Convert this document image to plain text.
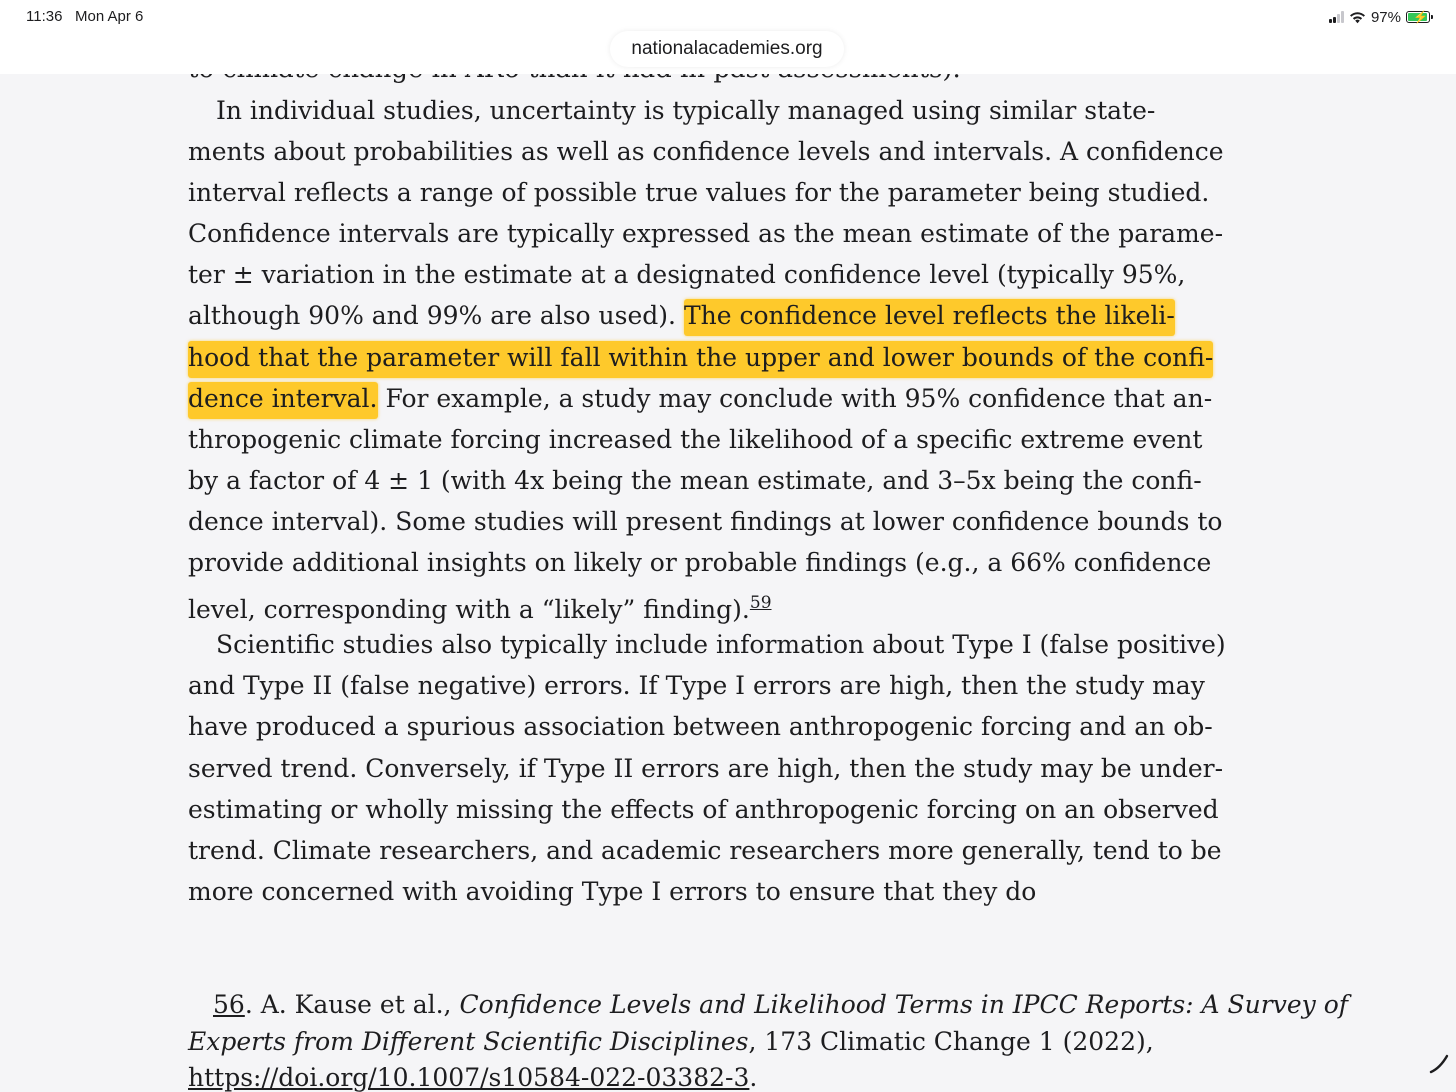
11:36 Mon Apr 6	97% ⚡
nationalacademies.org
In individual studies, uncertainty is typically managed using similar state-
ments about probabilities as well as confidence levels and intervals. A confidence
interval reflects a range of possible true values for the parameter being studied.
Confidence intervals are typically expressed as the mean estimate of the parame-
ter ± variation in the estimate at a designated confidence level (typically 95%,
although 90% and 99% are also used). The confidence level reflects the likeli-
hood that the parameter will fall within the upper and lower bounds of the confi-
dence interval. For example, a study may conclude with 95% confidence that an-
thropogenic climate forcing increased the likelihood of a specific extreme event
by a factor of 4 ± 1 (with 4x being the mean estimate, and 3–5x being the confi-
dence interval). Some studies will present findings at lower confidence bounds to
provide additional insights on likely or probable findings (e.g., a 66% confidence
level, corresponding with a “likely” finding).$^{59}$
Scientific studies also typically include information about Type I (false positive)
and Type II (false negative) errors. If Type I errors are high, then the study may
have produced a spurious association between anthropogenic forcing and an ob-
served trend. Conversely, if Type II errors are high, then the study may be under-
estimating or wholly missing the effects of anthropogenic forcing on an observed
trend. Climate researchers, and academic researchers more generally, tend to be
more concerned with avoiding Type I errors to ensure that they do
56. A. Kause et al., Confidence Levels and Likelihood Terms in IPCC Reports: A Survey of
Experts from Different Scientific Disciplines, 173 Climatic Change 1 (2022),
https://doi.org/10.1007/s10584-022-03382-3.
